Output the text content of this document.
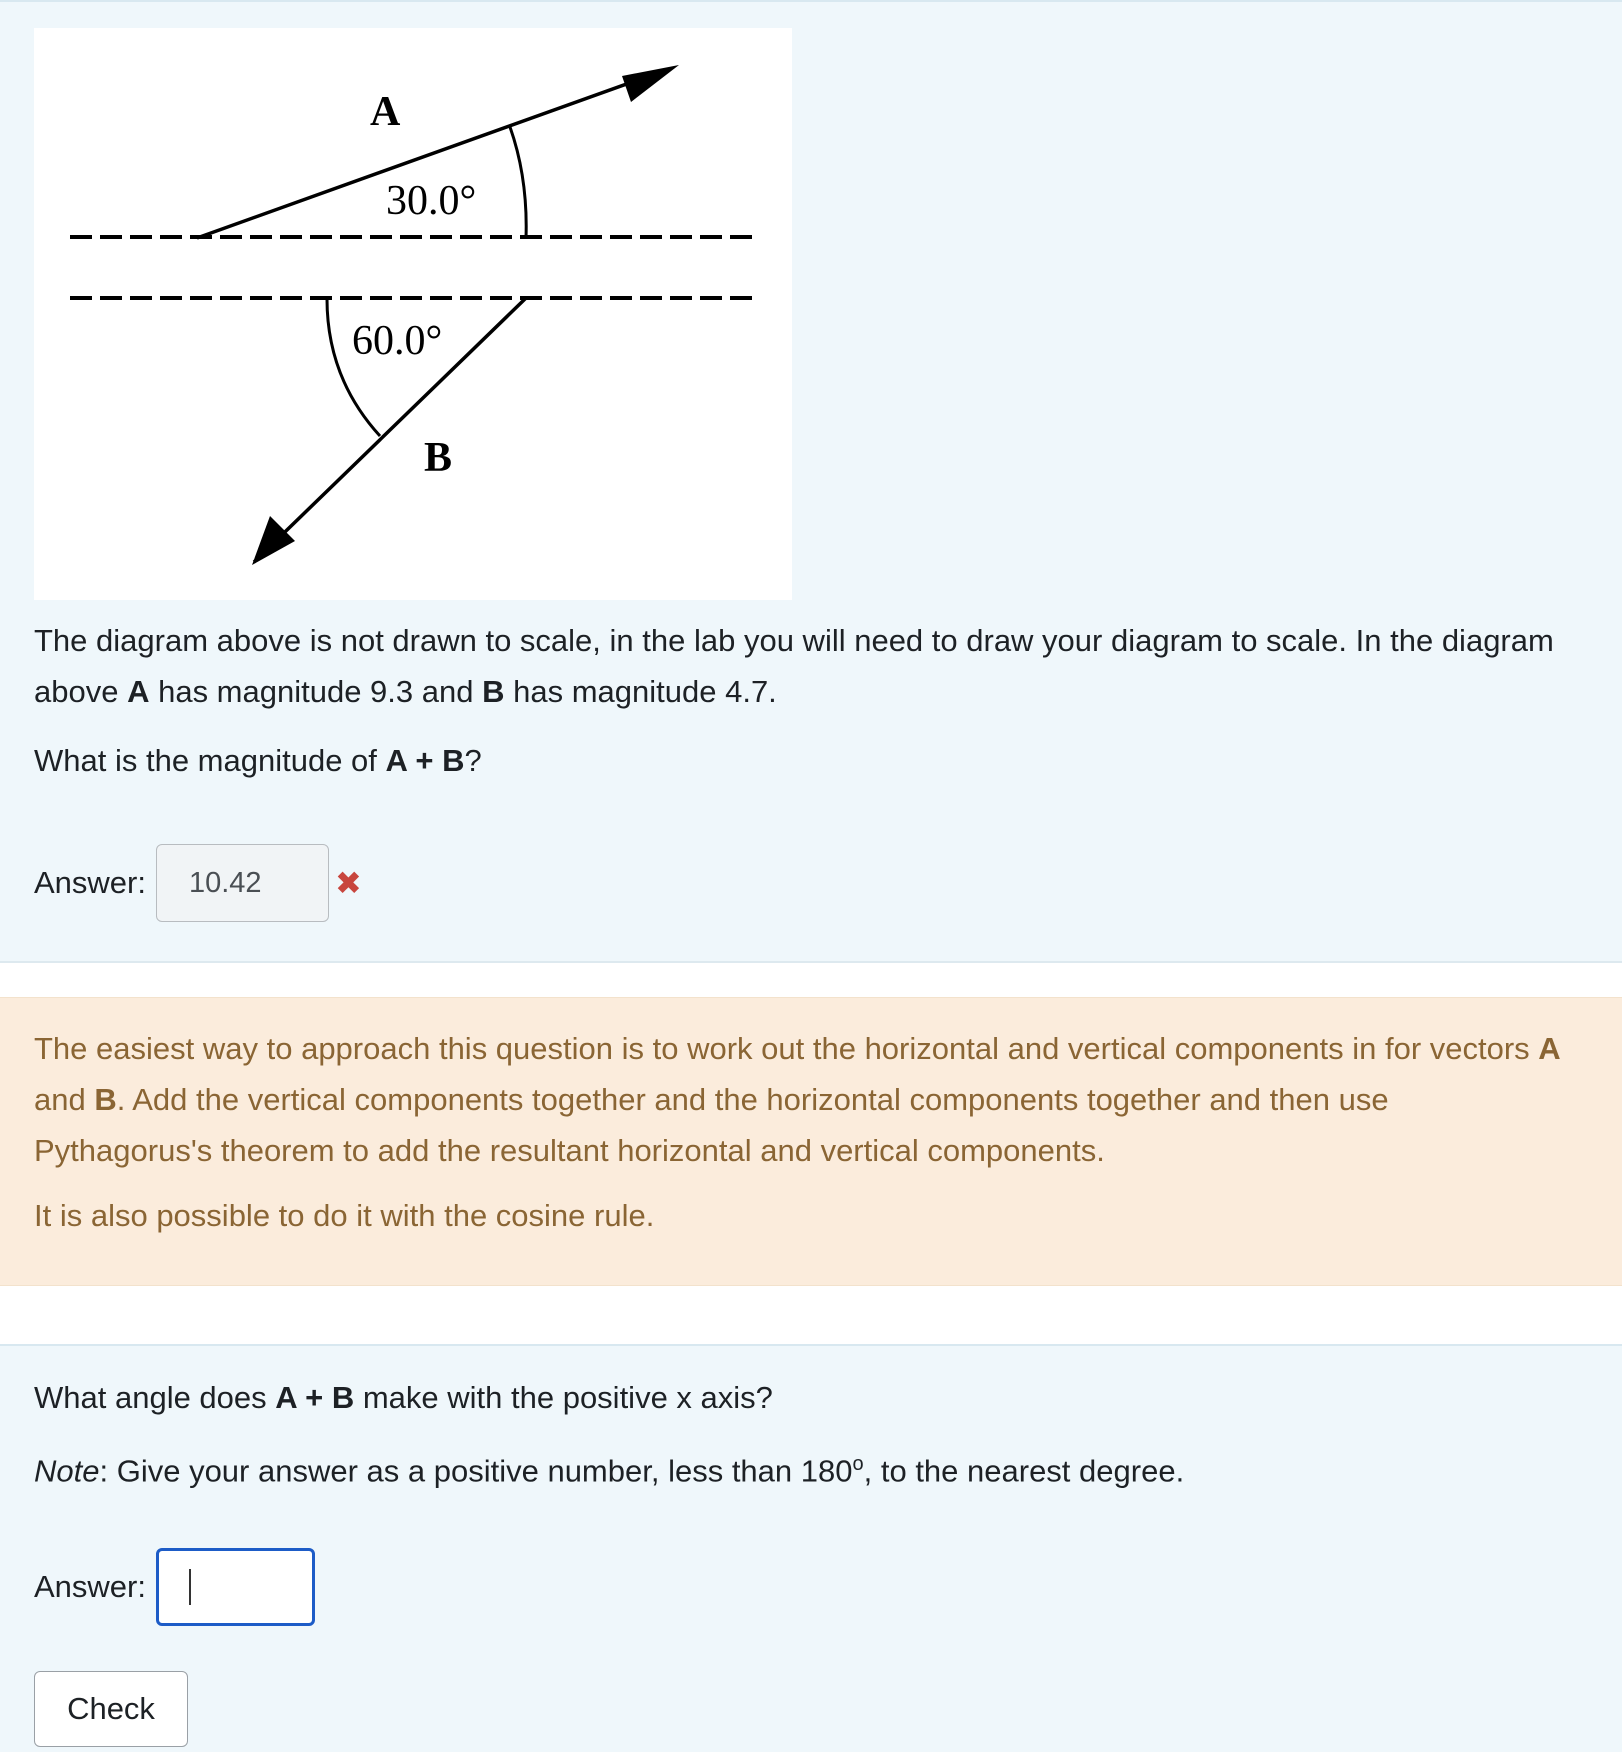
A
30.0°
60.0°
B

The diagram above is not drawn to scale, in the lab you will need to draw your diagram to scale. In the diagram above A has magnitude 9.3 and B has magnitude 4.7.

What is the magnitude of A + B?

Answer:	10.42	✖

The easiest way to approach this question is to work out the horizontal and vertical components in for vectors A and B. Add the vertical components together and the horizontal components together and then use Pythagorus's theorem to add the resultant horizontal and vertical components.

It is also possible to do it with the cosine rule.

What angle does A + B make with the positive x axis?

Note: Give your answer as a positive number, less than 180$^o$, to the nearest degree.

Answer:
Check
